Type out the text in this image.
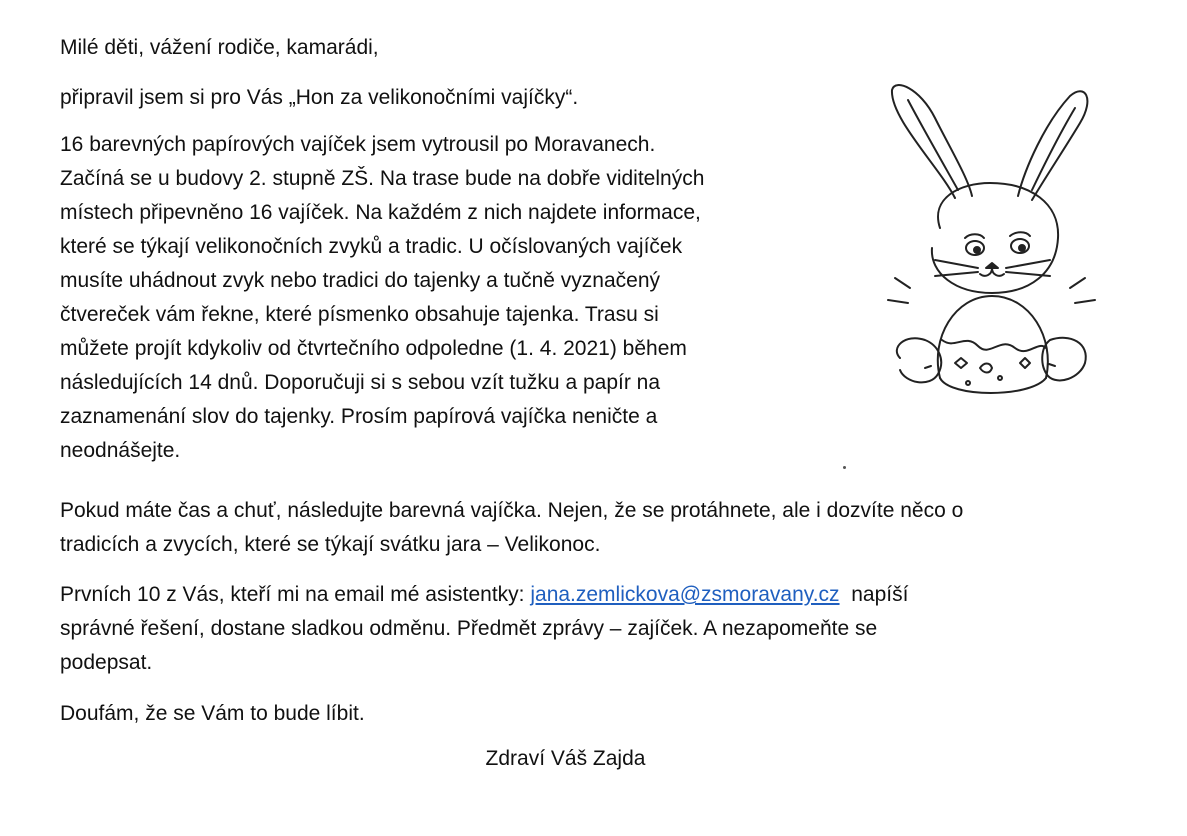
Milé děti, vážení rodiče, kamarádi,

připravil jsem si pro Vás „Hon za velikonočními vajíčky“.

16 barevných papírových vajíček jsem vytrousil po Moravanech.
Začíná se u budovy 2. stupně ZŠ. Na trase bude na dobře viditelných
místech připevněno 16 vajíček. Na každém z nich najdete informace,
které se týkají velikonočních zvyků a tradic. U očíslovaných vajíček
musíte uhádnout zvyk nebo tradici do tajenky a tučně vyznačený
čtvereček vám řekne, které písmenko obsahuje tajenka. Trasu si
můžete projít kdykoliv od čtvrtečního odpoledne (1. 4. 2021) během
následujících 14 dnů. Doporučuji si s sebou vzít tužku a papír na
zaznamenání slov do tajenky. Prosím papírová vajíčka neničte a
neodnášejte.

Pokud máte čas a chuť, následujte barevná vajíčka. Nejen, že se protáhnete, ale i dozvíte něco o
tradicích a zvycích, které se týkají svátku jara – Velikonoc.

Prvních 10 z Vás, kteří mi na email mé asistentky: jana.zemlickova@zsmoravany.cz  napíší
správné řešení, dostane sladkou odměnu. Předmět zprávy – zajíček. A nezapomeňte se
podepsat.

Doufám, že se Vám to bude líbit.

Zdraví Váš Zajda
